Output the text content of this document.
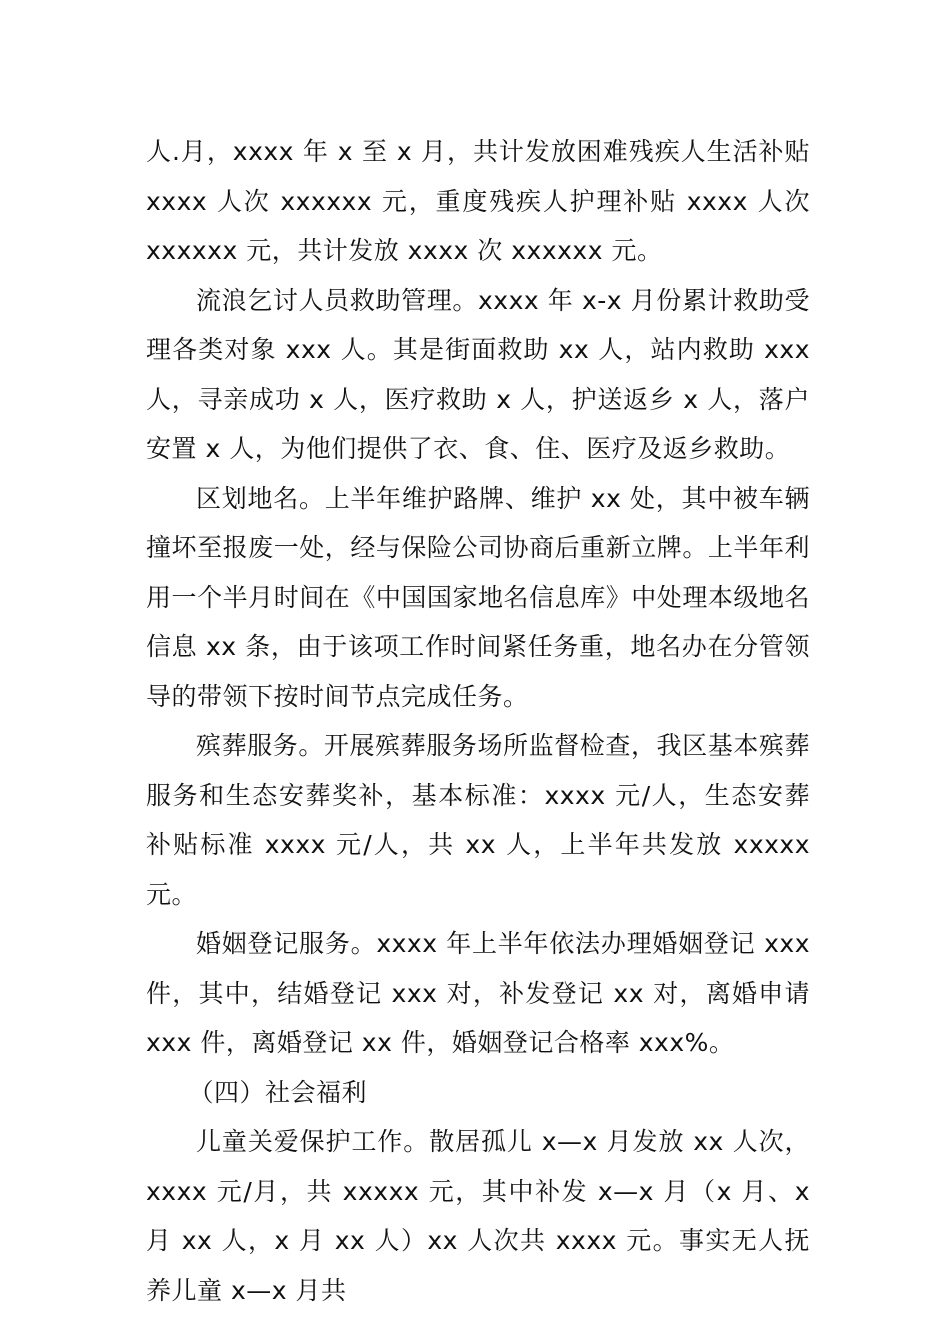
人.月，xxxx 年 x 至 x 月，共计发放困难残疾人生活补贴 xxxx 人次 xxxxxx 元，重度残疾人护理补贴 xxxx 人次 xxxxxx 元，共计发放 xxxx 次 xxxxxx 元。

流浪乞讨人员救助管理。xxxx 年 x-x 月份累计救助受理各类对象 xxx 人。其是街面救助 xx 人，站内救助 xxx 人，寻亲成功 x 人，医疗救助 x 人，护送返乡 x 人，落户安置 x 人，为他们提供了衣、食、住、医疗及返乡救助。

区划地名。上半年维护路牌、维护 xx 处，其中被车辆撞坏至报废一处，经与保险公司协商后重新立牌。上半年利用一个半月时间在《中国国家地名信息库》中处理本级地名信息 xx 条，由于该项工作时间紧任务重，地名办在分管领导的带领下按时间节点完成任务。

殡葬服务。开展殡葬服务场所监督检查，我区基本殡葬服务和生态安葬奖补，基本标准：xxxx 元/人，生态安葬补贴标准 xxxx 元/人，共 xx 人，上半年共发放 xxxxx 元。

婚姻登记服务。xxxx 年上半年依法办理婚姻登记 xxx 件，其中，结婚登记 xxx 对，补发登记 xx 对，离婚申请 xxx 件，离婚登记 xx 件，婚姻登记合格率 xxx%。

（四）社会福利

儿童关爱保护工作。散居孤儿 x—x 月发放 xx 人次，xxxx 元/月，共 xxxxx 元，其中补发 x—x 月（x 月、x 月 xx 人，x 月 xx 人）xx 人次共 xxxx 元。事实无人抚养儿童 x—x 月共
